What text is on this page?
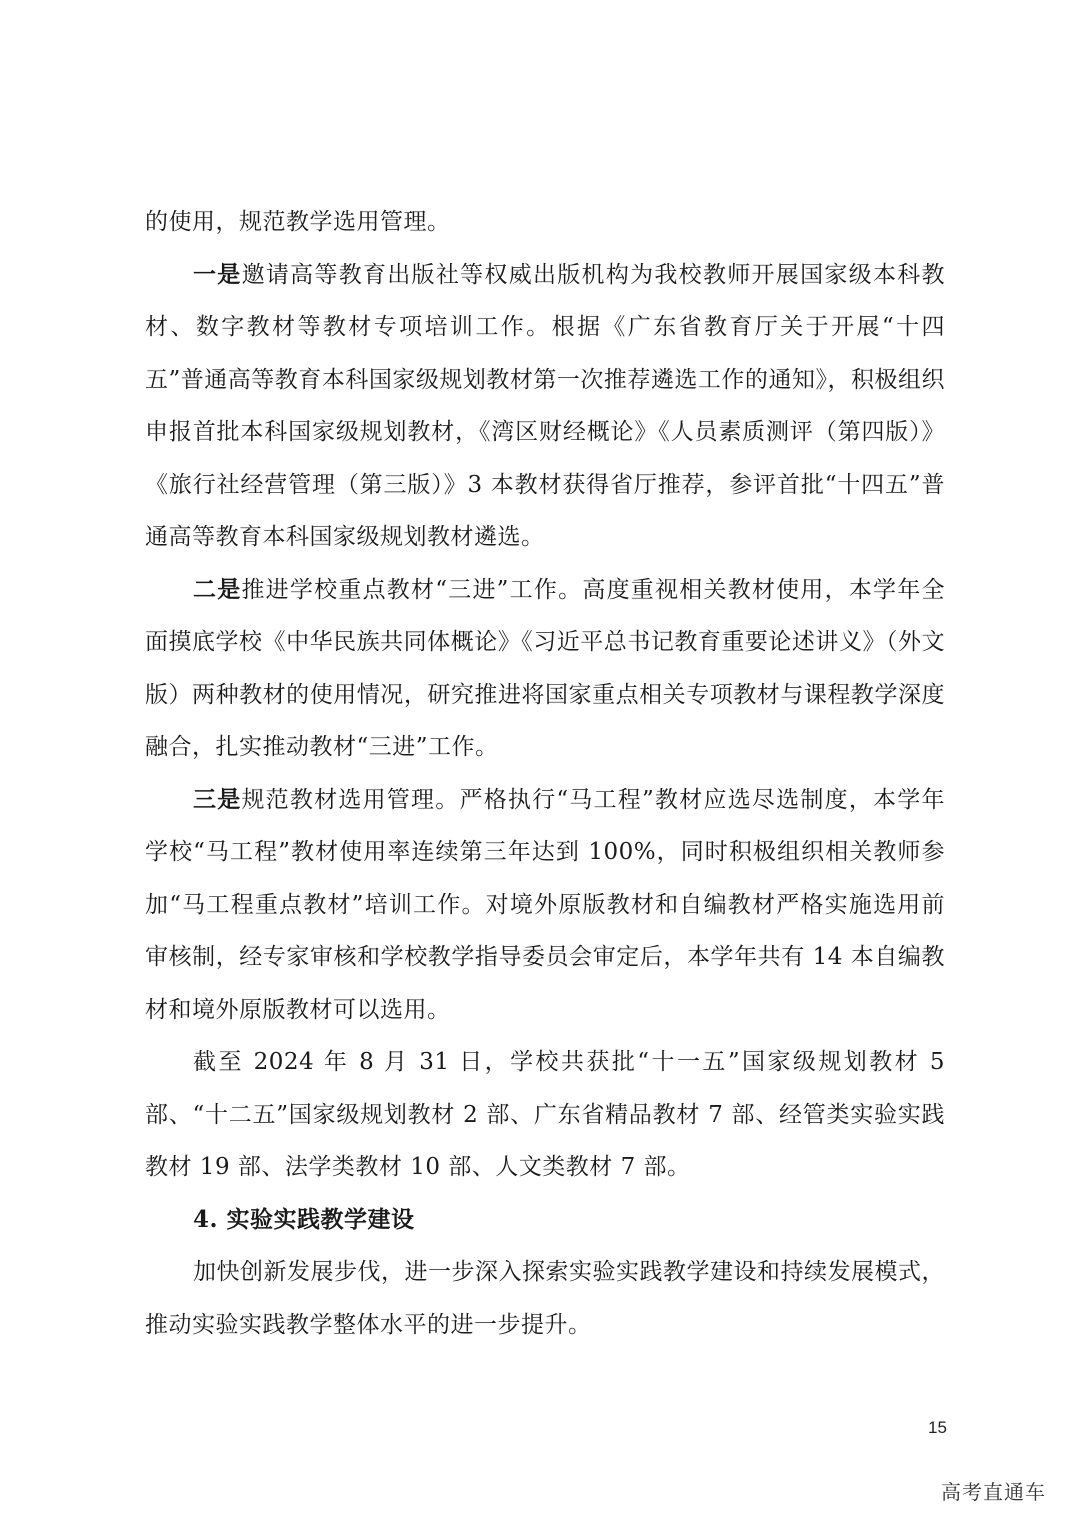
的使用，规范教学选用管理。

一是邀请高等教育出版社等权威出版机构为我校教师开展国家级本科教材、数字教材等教材专项培训工作。根据《广东省教育厅关于开展“十四五”普通高等教育本科国家级规划教材第一次推荐遴选工作的通知》，积极组织申报首批本科国家级规划教材，《湾区财经概论》《人员素质测评（第四版）》《旅行社经营管理（第三版）》3 本教材获得省厅推荐，参评首批“十四五”普通高等教育本科国家级规划教材遴选。

二是推进学校重点教材“三进”工作。高度重视相关教材使用，本学年全面摸底学校《中华民族共同体概论》《习近平总书记教育重要论述讲义》（外文版）两种教材的使用情况，研究推进将国家重点相关专项教材与课程教学深度融合，扎实推动教材“三进”工作。

三是规范教材选用管理。严格执行“马工程”教材应选尽选制度，本学年学校“马工程”教材使用率连续第三年达到 100%，同时积极组织相关教师参加“马工程重点教材”培训工作。对境外原版教材和自编教材严格实施选用前审核制，经专家审核和学校教学指导委员会审定后，本学年共有 14 本自编教材和境外原版教材可以选用。

截至 2024 年 8 月 31 日，学校共获批“十一五”国家级规划教材 5 部、“十二五”国家级规划教材 2 部、广东省精品教材 7 部、经管类实验实践教材 19 部、法学类教材 10 部、人文类教材 7 部。

4. 实验实践教学建设

加快创新发展步伐，进一步深入探索实验实践教学建设和持续发展模式，推动实验实践教学整体水平的进一步提升。

15
高考直通车
